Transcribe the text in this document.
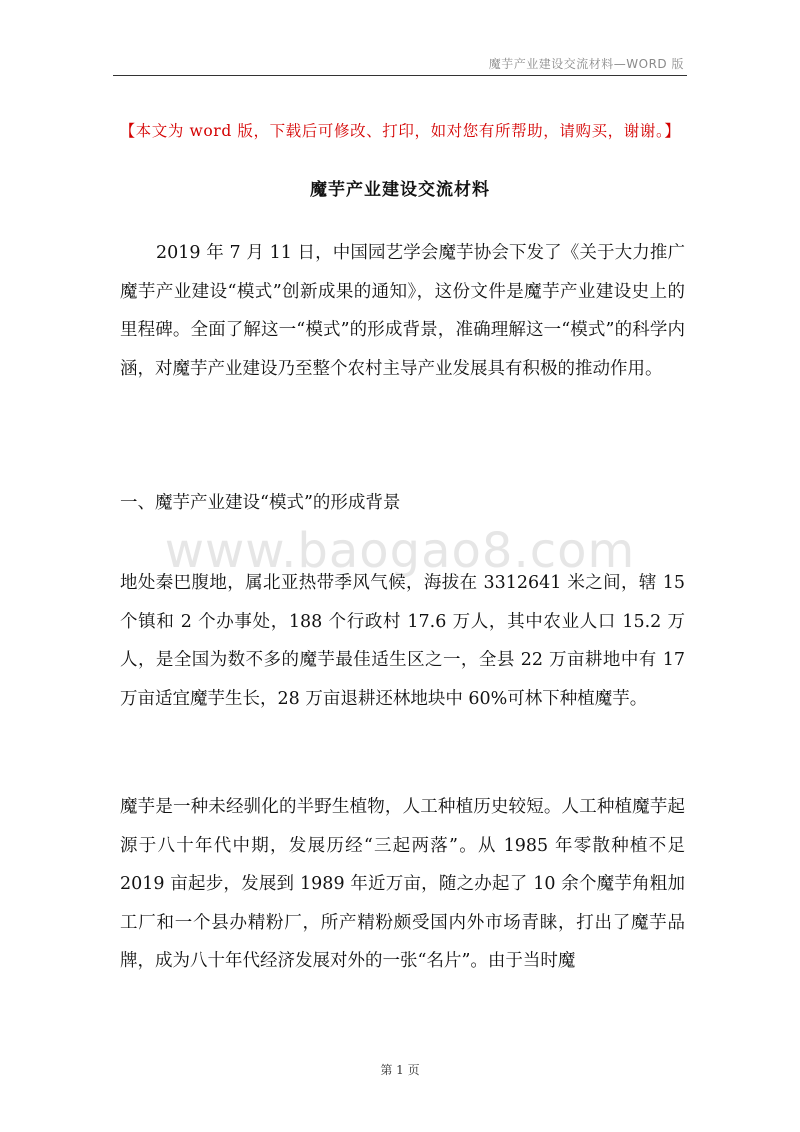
魔芋产业建设交流材料—WORD 版
【本文为 word 版，下载后可修改、打印，如对您有所帮助，请购买，谢谢。】
魔芋产业建设交流材料

2019 年 7 月 11 日，中国园艺学会魔芋协会下发了《关于大力推广魔芋产业建设“模式”创新成果的通知》，这份文件是魔芋产业建设史上的里程碑。全面了解这一“模式”的形成背景，准确理解这一“模式”的科学内涵，对魔芋产业建设乃至整个农村主导产业发展具有积极的推动作用。

一、魔芋产业建设“模式”的形成背景

www.baogao8.com

地处秦巴腹地，属北亚热带季风气候，海拔在 3312641 米之间，辖 15 个镇和 2 个办事处，188 个行政村 17.6 万人，其中农业人口 15.2 万人，是全国为数不多的魔芋最佳适生区之一，全县 22 万亩耕地中有 17 万亩适宜魔芋生长，28 万亩退耕还林地块中 60%可林下种植魔芋。

魔芋是一种未经驯化的半野生植物，人工种植历史较短。人工种植魔芋起源于八十年代中期，发展历经“三起两落”。从 1985 年零散种植不足 2019 亩起步，发展到 1989 年近万亩，随之办起了 10 余个魔芋角粗加工厂和一个县办精粉厂，所产精粉颇受国内外市场青睐，打出了魔芋品牌，成为八十年代经济发展对外的一张“名片”。由于当时魔

第 1 页
